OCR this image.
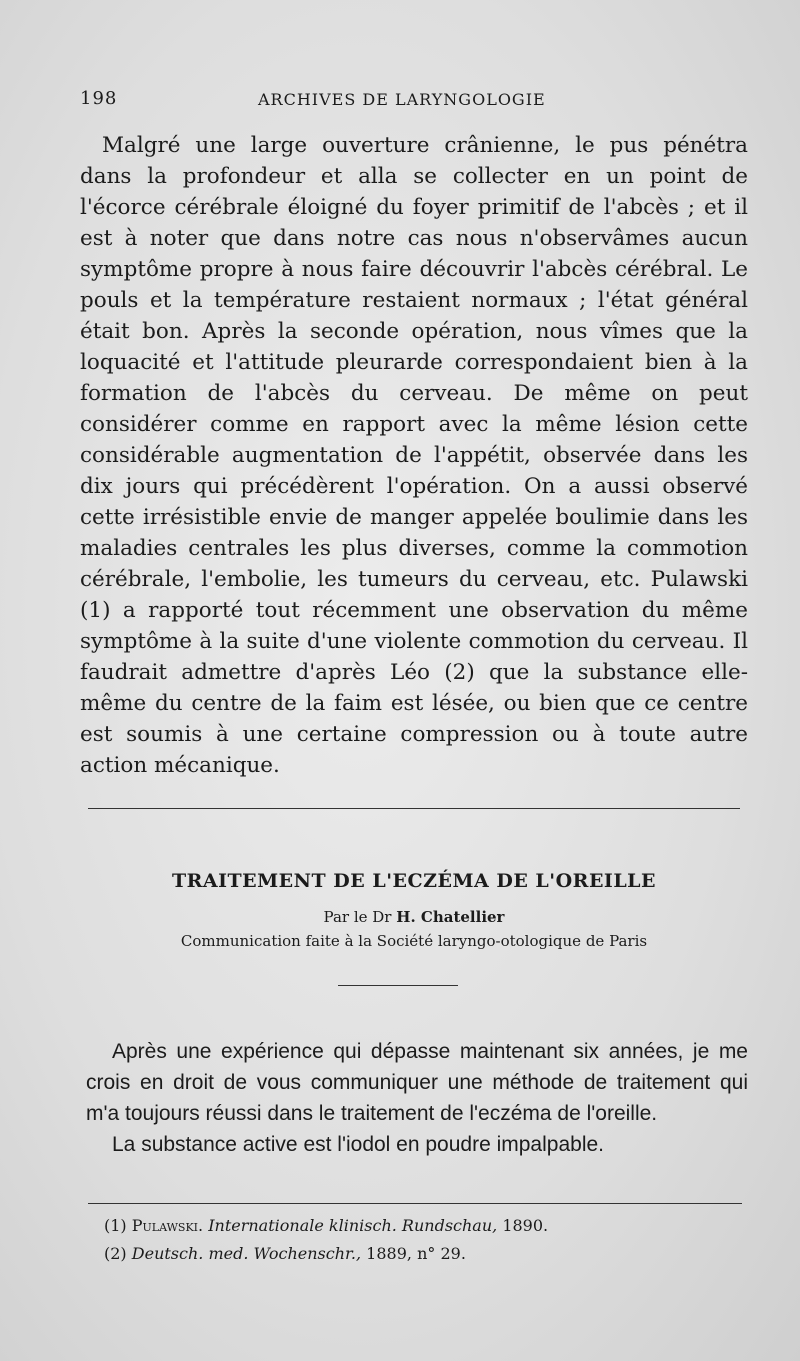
198	ARCHIVES DE LARYNGOLOGIE

Malgré une large ouverture crânienne, le pus pénétra dans la profondeur et alla se collecter en un point de l'écorce cérébrale éloigné du foyer primitif de l'abcès ; et il est à noter que dans notre cas nous n'observâmes aucun symptôme propre à nous faire découvrir l'abcès cérébral. Le pouls et la température restaient normaux ; l'état général était bon. Après la seconde opération, nous vîmes que la loquacité et l'attitude pleurarde correspondaient bien à la formation de l'abcès du cerveau. De même on peut considérer comme en rapport avec la même lésion cette considérable augmentation de l'appétit, observée dans les dix jours qui précédèrent l'opération. On a aussi observé cette irrésistible envie de manger appelée boulimie dans les maladies centrales les plus diverses, comme la commotion cérébrale, l'embolie, les tumeurs du cerveau, etc. Pulawski (1) a rapporté tout récemment une observation du même symptôme à la suite d'une violente commotion du cerveau. Il faudrait admettre d'après Léo (2) que la substance elle-même du centre de la faim est lésée, ou bien que ce centre est soumis à une certaine compression ou à toute autre action mécanique.

TRAITEMENT DE L'ECZÉMA DE L'OREILLE

Par le Dr H. Chatellier

Communication faite à la Société laryngo-otologique de Paris

Après une expérience qui dépasse maintenant six années, je me crois en droit de vous communiquer une méthode de traitement qui m'a toujours réussi dans le traitement de l'eczéma de l'oreille.

La substance active est l'iodol en poudre impalpable.

(1) Pulawski. Internationale klinisch. Rundschau, 1890.

(2) Deutsch. med. Wochenschr., 1889, n° 29.
